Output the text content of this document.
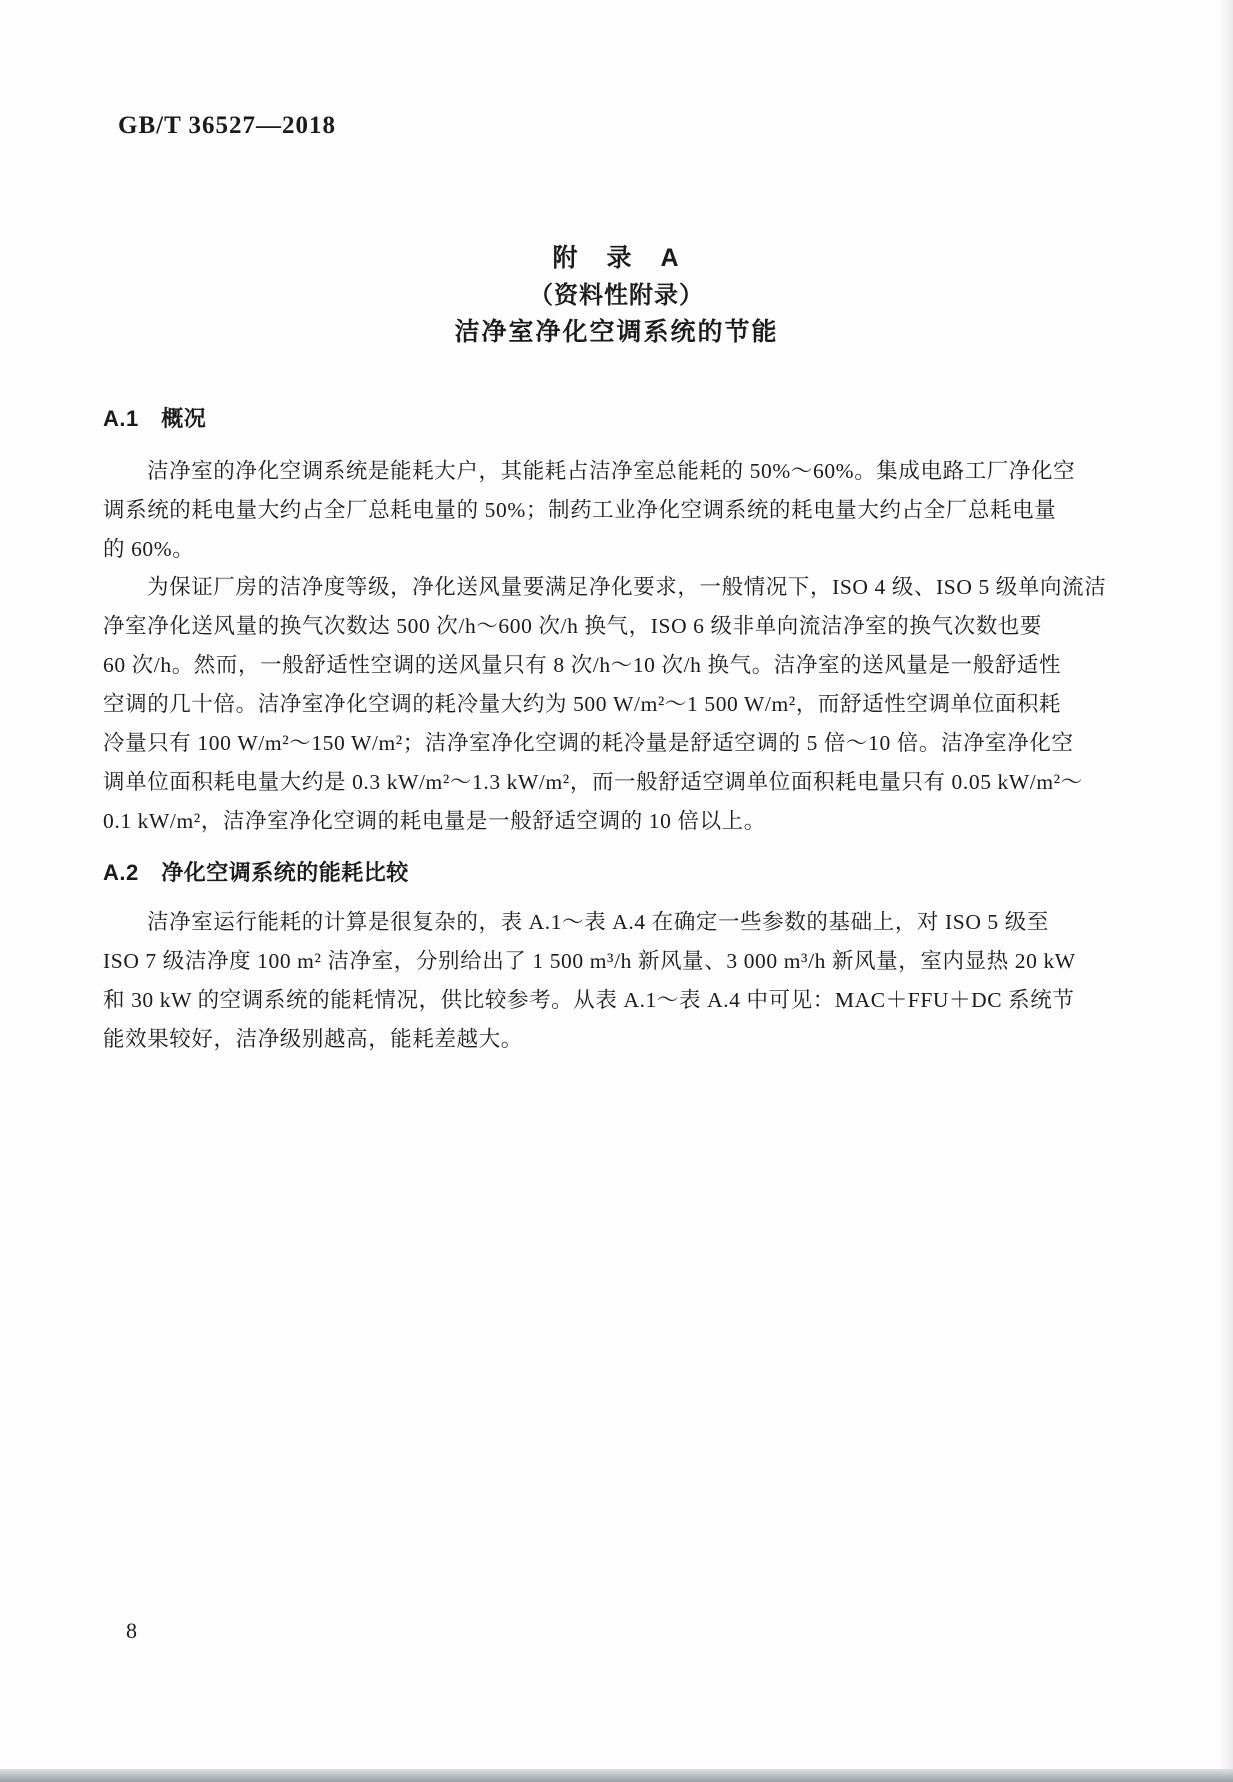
GB/T 36527—2018
附　录　A
（资料性附录）
洁净室净化空调系统的节能
A.1　概况
洁净室的净化空调系统是能耗大户，其能耗占洁净室总能耗的 50%～60%。集成电路工厂净化空
调系统的耗电量大约占全厂总耗电量的 50%；制药工业净化空调系统的耗电量大约占全厂总耗电量
的 60%。
为保证厂房的洁净度等级，净化送风量要满足净化要求，一般情况下，ISO 4 级、ISO 5 级单向流洁
净室净化送风量的换气次数达 500 次/h～600 次/h 换气，ISO 6 级非单向流洁净室的换气次数也要
60 次/h。然而，一般舒适性空调的送风量只有 8 次/h～10 次/h 换气。洁净室的送风量是一般舒适性
空调的几十倍。洁净室净化空调的耗冷量大约为 500 W/m²～1 500 W/m²，而舒适性空调单位面积耗
冷量只有 100 W/m²～150 W/m²；洁净室净化空调的耗冷量是舒适空调的 5 倍～10 倍。洁净室净化空
调单位面积耗电量大约是 0.3 kW/m²～1.3 kW/m²，而一般舒适空调单位面积耗电量只有 0.05 kW/m²～
0.1 kW/m²，洁净室净化空调的耗电量是一般舒适空调的 10 倍以上。
A.2　净化空调系统的能耗比较
洁净室运行能耗的计算是很复杂的，表 A.1～表 A.4 在确定一些参数的基础上，对 ISO 5 级至
ISO 7 级洁净度 100 m² 洁净室，分别给出了 1 500 m³/h 新风量、3 000 m³/h 新风量，室内显热 20 kW
和 30 kW 的空调系统的能耗情况，供比较参考。从表 A.1～表 A.4 中可见：MAC＋FFU＋DC 系统节
能效果较好，洁净级别越高，能耗差越大。
8
